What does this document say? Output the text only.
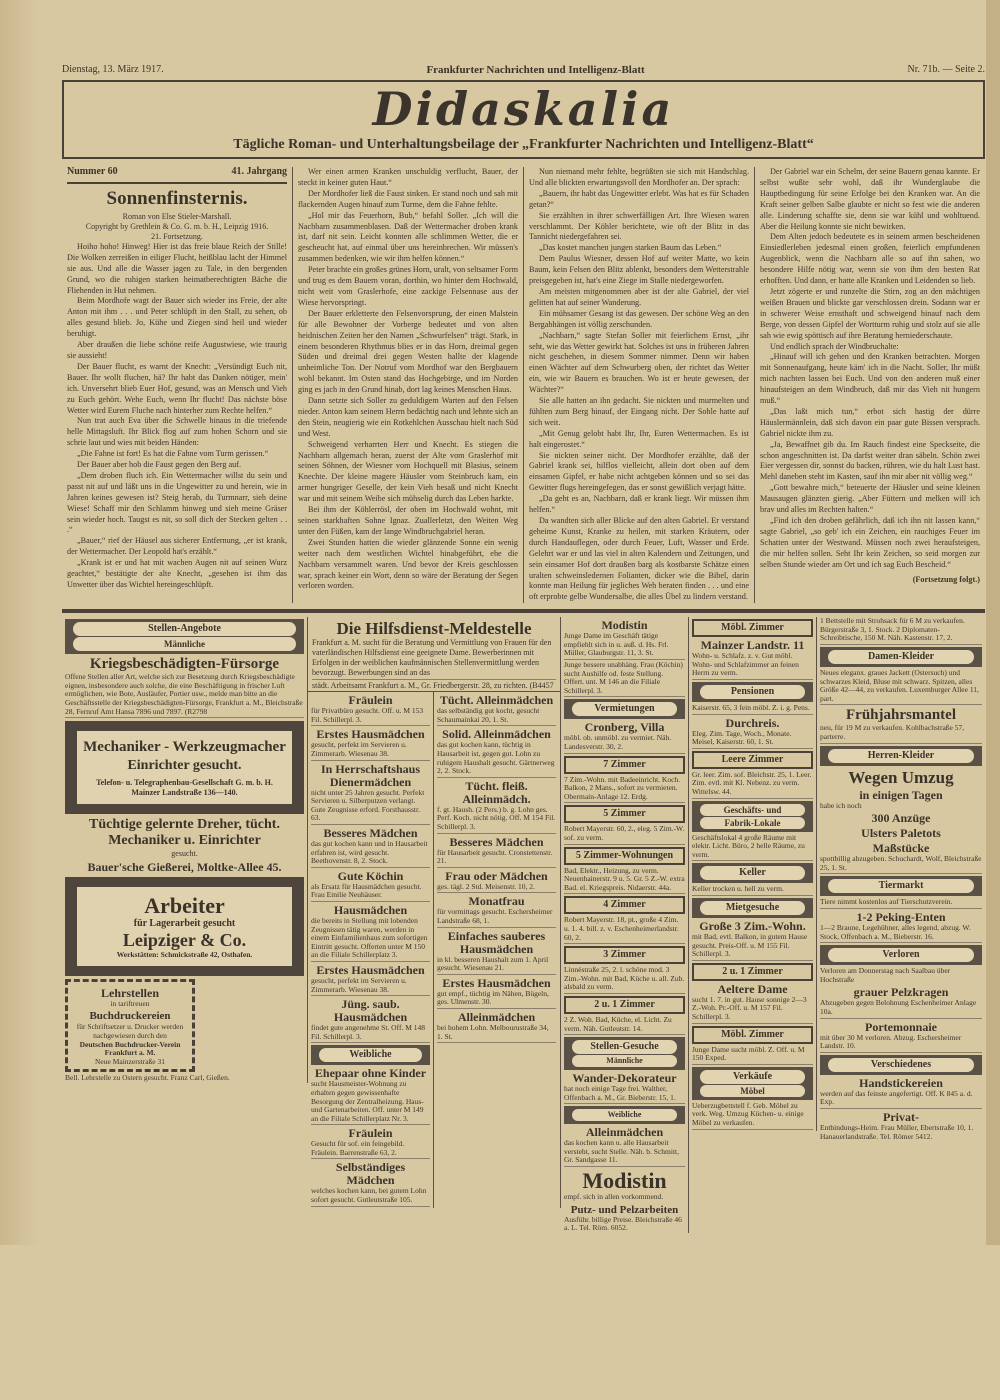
Dienstag, 13. März 1917.	Frankfurter Nachrichten und Intelligenz-Blatt	Nr. 71b. — Seite 2.
Didaskalia
Tägliche Roman- und Unterhaltungsbeilage der „Frankfurter Nachrichten und Intelligenz-Blatt“
Nummer 60	41. Jahrgang
Sonnenfinsternis.
Roman von Else Stieler-Marshall.
Copyright by Grethlein & Co. G. m. b. H., Leipzig 1916.
21. Fortsetzung.

Hoiho hoho! Hinweg! Hier ist das freie blaue Reich der Stille! Die Wolken zerreißen in eiliger Flucht, heißblau lacht der Himmel sie aus. Und alle die Wasser jagen zu Tale, in den bergenden Grund, wo die ruhigen starken heimatberechtigten Bäche die Fliehenden in Hut nehmen.

Beim Mordhofe wagt der Bauer sich wieder ins Freie, der alte Anton mit ihm . . . und Peter schlüpft in den Stall, zu sehen, ob alles gesund blieb. Jo, Kühe und Ziegen sind heil und wieder beruhigt.

Aber draußen die liebe schöne reife Augustwiese, wie traurig sie aussieht!

Der Bauer flucht, es warnt der Knecht: „Versündigt Euch nit, Bauer. Ihr wollt fluchen, hä? Ihr habt das Danken nötiger, mein' ich. Unversehrt blieb Euer Hof, gesund, was an Mensch und Vieh zu Euch gehört. Wehe Euch, wenn Ihr flucht! Das nächste böse Wetter wird Eurem Fluche nach hinterher zum Rechte helfen.“

Nun trat auch Eva über die Schwelle hinaus in die triefende helle Mittagsluft. Ihr Blick flog auf zum hohen Schorn und sie schrie laut und wies mit beiden Händen:

„Die Fahne ist fort! Es hat die Fahne vom Turm gerissen.“

Der Bauer aber hob die Faust gegen den Berg auf.

„Dem droben fluch ich. Ein Wettermacher willst du sein und passt nit auf und läßt uns in die Ungewitter zu und herein, wie in Jahren keines gewesen ist? Steig herab, du Turmnarr, sieh deine Wiese! Schaff mir den Schlamm hinweg und sieh meine Gräser sein wieder hoch. Taugst es nit, so soll dich der Stecken gelten . . .“

„Bauer,“ rief der Häusel aus sicherer Entfernung, „er ist krank, der Wettermacher. Der Leopold hat's erzählt.“

„Krank ist er und hat mit wachen Augen nit auf seinen Wurz geachtet,“ bestätigte der alte Knecht, „gesehen ist ihm das Unwetter über das Wichtel hereingeschlüpft.

Wer einen armen Kranken unschuldig verflucht, Bauer, der steckt in keiner guten Haut.“

Der Mordhofer ließ die Faust sinken. Er stand noch und sah mit flackernden Augen hinauf zum Turme, dem die Fahne fehlte.

„Hol mir das Feuerhorn, Bub,“ befahl Soller. „Ich will die Nachbarn zusammenblasen. Daß der Wettermacher droben krank ist, darf nit sein. Leicht konnten alle schlimmen Wetter, die er gescheucht hat, auf einmal über uns hereinbrechen. Wir müssen's zusammen bedenken, wie wir ihm helfen können.“

Peter brachte ein großes grünes Horn, uralt, von seltsamer Form und trug es dem Bauern voran, dorthin, wo hinter dem Hochwald, nicht weit vom Graslerhofe, eine zackige Felsennase aus der Wiese hervorspringt.

Der Bauer erkletterte den Felsenvorsprung, der einen Malstein für alle Bewohner der Vorberge bedeutet und von alten heidnischen Zeiten her den Namen „Schwurfelsen“ trägt. Stark, in einem besonderen Rhythmus blies er in das Horn, dreimal gegen Süden und dreimal drei gegen Westen hallte der klagende unheimliche Ton. Der Notruf vom Mordhof war den Bergbauern wohl bekannt. Im Osten stand das Hochgebirge, und im Norden ging es jach in den Grund hinab, dort lag keines Menschen Haus.

Dann setzte sich Soller zu geduldigem Warten auf den Felsen nieder. Anton kam seinem Herrn bedächtig nach und lehnte sich an den Stein, neugierig wie ein Rotkehlchen Ausschau hielt nach Süd und West.

Schweigend verharrten Herr und Knecht. Es stiegen die Nachbarn allgemach heran, zuerst der Alte vom Graslerhof mit seinen Söhnen, der Wiesner vom Hochquell mit Blasius, seinem Knechte. Der kleine magere Häusler vom Steinbruch kam, ein armer hungriger Geselle, der kein Vieh besaß und nicht Knecht war und mit seinem Weibe sich mühselig durch das Leben harkte.

Bei ihm der Köhlerrösl, der oben im Hochwald wohnt, mit seinen starkhaften Sohne Ignaz. Zuallerletzt, den Weiten Weg unter den Füßen, kam der lange Windbruchgabriel heran.

Zwei Stunden hatten die wieder glänzende Sonne ein wenig weiter nach dem westlichen Wichtel hinabgeführt, ehe die Nachbarn versammelt waren. Und bevor der Kreis geschlossen war, sprach keiner ein Wort, denn so wäre der Beratung der Segen verloren worden.

Nun niemand mehr fehlte, begrüßten sie sich mit Handschlag. Und alle blickten erwartungsvoll den Mordhofer an. Der sprach:

„Bauern, ihr habt das Ungewitter erlebt. Was hat es für Schaden getan?“

Sie erzählten in ihrer schwerfälligen Art. Ihre Wiesen waren verschlammt. Der Köhler berichtete, wie oft der Blitz in das Tannicht niedergefahren sei.

„Das kostet manchen jungen starken Baum das Leben.“

Dem Paulus Wiesner, dessen Hof auf weiter Matte, wo kein Baum, kein Felsen den Blitz ablenkt, besonders dem Wetterstrahle preisgegeben ist, hat's eine Ziege im Stalle niedergeworfen.

Am meisten mitgenommen aber ist der alte Gabriel, der viel gelitten hat auf seiner Wanderung.

Ein mühsamer Gesang ist das gewesen. Der schöne Weg an den Bergabhängen ist völlig zerschunden.

„Nachbarn,“ sagte Stefan Soller mit feierlichem Ernst, „ihr seht, wie das Wetter gewirkt hat. Solches ist uns in früheren Jahren nicht geschehen, in diesem Sommer nimmer. Denn wir haben einen Wächter auf dem Schwurberg oben, der richtet das Wetter ein, wie wir Bauern es brauchen. Wo ist er heute gewesen, der Wächter?“

Sie alle hatten an ihn gedacht. Sie nickten und murmelten und fühlten zum Berg hinauf, der Eingang nicht. Der Sohle hatte auf sich weit.

„Mit Genug gelobt habt Ihr, Ihr, Euren Wettermachen. Es ist halt eingerostet.“

Sie nickten seiner nicht. Der Mordhofer erzählte, daß der Gabriel krank sei, hilflos vielleicht, allein dort oben auf dem einsamen Gipfel, er habe nicht achtgeben können und so sei das Gewitter flugs hereingefegen, das er sonst gewißlich verjagt hätte.

„Da geht es an, Nachbarn, daß er krank liegt. Wir müssen ihm helfen.“

Da wandten sich aller Blicke auf den alten Gabriel. Er verstand geheime Kunst, Kranke zu heilen, mit starken Kräutern, oder durch Handauflegen, oder durch Feuer, Luft, Wasser und Erde. Gelehrt war er und las viel in alten Kalendern und Zeitungen, und sein einsamer Hof dort draußen barg als kostbarste Schätze einen uralten schweinsledernen Folianten, dicker wie die Bibel, darin konnte man Heilung für jegliches Weh beraten finden . . . und eine oft erprobte gelbe Wundersalbe, die alles Übel zu lindern verstand.

Der Gabriel war ein Schelm, der seine Bauern genau kannte. Er selbst wußte sehr wohl, daß ihr Wunderglaube die Hauptbedingung für seine Erfolge bei den Kranken war. An die Kraft seiner gelben Salbe glaubte er nicht so fest wie die anderen alle. Linderung schaffte sie, denn sie war kühl und wohltuend. Aber die Heilung konnte sie nicht bewirken.

Dem Alten jedoch bedeutete es in seinem armen bescheidenen Einsiedlerleben jedesmal einen großen, feierlich empfundenen Augenblick, wenn die Nachbarn alle so auf ihn sahen, wo besondere Hilfe nötig war, wenn sie von ihm den besten Rat erhofften. Und dann, er hatte alle Kranken und Leidenden so lieb.

Jetzt zögerte er und runzelte die Stirn, zog an den mächtigen weißen Brauen und blickte gar verschlossen drein. Sodann war er in schwerer Weise ernsthaft und schweigend hinauf nach dem Berge, von dessen Gipfel der Wortturm ruhig und stolz auf sie alle sah wie ewig spöttisch auf ihre Beratung herniederschaute.

Und endlich sprach der Windbruchalte:

„Hinauf will ich gehen und den Kranken betrachten. Morgen mit Sonnenaufgang, heute käm' ich in die Nacht. Soller, Ihr müßt mich nachten lassen bei Euch. Und von den anderen muß einer hinaufsteigen an dem Windbruch, daß mir das Vieh nit hungern muß.“

„Das laßt mich tun,“ erbot sich hastig der dürre Häuslermännlein, daß sich davon ein paar gute Bissen versprach. Gabriel nickte ihm zu.

„Ja, Bewaffnet gib du. Im Rauch findest eine Speckseite, die schon angeschnitten ist. Da darfst weiter dran säbeln. Schön zwei Eier vergessen dir, sonnst du backen, rühren, wie du halt Lust hast. Mehl daneben steht im Kasten, sauf ihn mir aber nit völlig weg.“

„Gott bewahre mich,“ beteuerte der Häusler und seine kleinen Mausaugen glänzten gierig. „Aber Füttern und melken will ich brav und alles im Rechten halten.“

„Find ich den droben gefährlich, daß ich ihn nit lassen kann,“ sagte Gabriel, „so geb' ich ein Zeichen, ein rauchiges Feuer im Schatten unter der Westwand. Müssen noch zwei heraufsteigen, die mir helfen sollen. Seht Ihr kein Zeichen, so seid morgen zur selben Stunde wieder am Ort und ich sag Euch Bescheid.“

(Fortsetzung folgt.)
Stellen-Angebote
Männliche
Kriegsbeschädigten-Fürsorge
Offene Stellen aller Art, welche sich zur Besetzung durch Kriegsbeschädigte eignen, insbesondere auch solche, die eine Beschäftigung in frischer Luft ermöglichen, wie Bote, Ausläufer, Portier usw., melde man bitte an die Geschäftsstelle der Kriegsbeschädigten-Fürsorge, Frankfurt a. M., Bleichstraße 28, Fernruf Amt Hansa 7896 und 7897. (R2798
Mechaniker - Werkzeugmacher
Einrichter gesucht.
Telefon- u. Telegraphenbau-Gesellschaft G. m. b. H.
Mainzer Landstraße 136—140.
Tüchtige gelernte Dreher, tücht. Mechaniker u. Einrichter
gesucht.
Bauer'sche Gießerei, Moltke-Allee 45.
Arbeiter
für Lagerarbeit gesucht
Leipziger & Co.
Werkstätten: Schmickstraße 42, Osthafen.
Lehrstellen
in tariftreuen
Buchdruckereien
für Schriftsetzer u. Drucker werden nachgewiesen durch den
Deutschen Buchdrucker-Verein Frankfurt a. M.
Neue Mainzerstraße 31
Bell. Lehrstelle zu Ostern gesucht. Franz Carl, Gießen.
Die Hilfsdienst-Meldestelle
Frankfurt a. M. sucht für die Beratung und Vermittlung von Frauen für den vaterländischen Hilfsdienst eine geeignete Dame. Bewerberinnen mit Erfolgen in der weiblichen kaufmännischen Stellenvermittlung werden bevorzugt. Bewerbungen sind an das
städt. Arbeitsamt Frankfurt a. M., Gr. Friedbergerstr. 28, zu richten. (B4457
Fräulein
für Privatbüro gesucht. Off. u. M 153 Fil. Schillerpl. 3.
Erstes Hausmädchen
gesucht, perfekt im Servieren u. Zimmerarb. Wiesenau 38.
In Herrschaftshaus Dienermädchen
nicht unter 25 Jahren gesucht. Perfekt Servieren u. Silberputzen verlangt. Gute Zeugnisse erford. Forsthausstr. 63.
Besseres Mädchen
das gut kochen kann und in Hausarbeit erfahren ist, wird gesucht. Beethovenstr. 8, 2. Stock.
Gute Köchin
als Ersatz für Hausmädchen gesucht. Frau Emilie Neuhäuser.
Hausmädchen
die bereits in Stellung mit lobenden Zeugnissen tätig waren, werden in einem Einfamilienhaus zum sofortigen Eintritt gesucht. Offerten unter M 150 an die Filiale Schillerplatz 3.
Erstes Hausmädchen
gesucht, perfekt im Servieren u. Zimmerarb. Wiesenau 38.
Jüng. saub. Hausmädchen
findet gute angenehme St. Off. M 148 Fil. Schillerpl. 3.
Weibliche
Ehepaar ohne Kinder
sucht Hausmeister-Wohnung zu erhalten gegen gewissenhafte Besorgung der Zentralheizung. Haus- und Gartenarbeiten. Off. unter M 149 an die Filiale Schillerplatz Nr. 3.
Fräulein
Gesucht für sof. ein feingebild. Fräulein. Barrenstraße 63, 2.
Selbständiges Mädchen
welches kochen kann, bei gutem Lohn sofort gesucht. Gutleutstraße 105.
Tücht. Alleinmädchen
das selbständig gut kocht, gesucht Schaumainkai 20, 1. St.
Solid. Alleinmädchen
das gut kochen kann, tüchtig in Hausarbeit ist, gegen gut. Lohn zu ruhigem Haushalt gesucht. Gärtnerweg 2, 2. Stock.
Tücht. fleiß. Alleinmädch.
f. gt. Haush. (2 Pers.) b. g. Lohn ges. Perf. Koch. nicht nötig. Off. M 154 Fil. Schillerpl. 3.
Besseres Mädchen
für Hausarbeit gesucht. Cronstettenstr. 21.
Frau oder Mädchen
ges. tägl. 2 Std. Meisenstr. 10, 2.
Monatfrau
für vormittags gesucht. Eschersheimer Landstraße 68, 1.
Einfaches sauberes Hausmädchen
in kl. besseren Haushalt zum 1. April gesucht. Wiesenau 21.
Erstes Hausmädchen
gut empf., tüchtig im Nähen, Bügeln, ges. Ulmenstr. 30.
Alleinmädchen
bei hohem Lohn. Melbourustraße 34, 1. St.
Modistin
Junge Dame im Geschäft tätige empfiehlt sich in u. auß. d. Hs. Frl. Müller, Glauburgstr. 11, 3. St.
Junge bessere unabhäng. Frau (Köchin) sucht Aushilfe od. feste Stellung. Offert. unt. M 146 an die Filiale Schillerpl. 3.
Vermietungen
Cronberg, Villa
möbl. ob. unmöbl. zu vermiet. Näh. Landesverstr. 30, 2.
7 Zimmer
7 Zim.-Wohn. mit Badeeinricht. Koch. Balkon, 2 Mans., sofort zu vermieten. Obermain-Anlage 12. Erdg.
5 Zimmer
Robert Mayerstr. 60, 2., eleg. 5 Zim.-W. sof. zu verm.
5 Zimmer-Wohnungen
Bad, Elektr., Heizung, zu verm. Neuenhainerstr. 9 u. 5. Gr. 5 Z.-W. extra Bad. el. Kriegspreis. Nidaerstr. 44a.
4 Zimmer
Robert Mayerstr. 18, pt., große 4 Zim. u. 1. 4. bill. z. v. Eschenheimerlandstr. 60, 2.
3 Zimmer
Linnéstraße 25, 2. l. schöne mod. 3 Zim.-Wohn. mit Bad, Küche u. all. Zub. alsbald zu verm.
2 u. 1 Zimmer
2 Z. Woh. Bad, Küche, el. Licht. Zu verm. Näh. Gutleutstr. 14.
Stellen-Gesuche
Männliche
Wander-Dekorateur
hat noch einige Tage frei. Walther, Offenbach a. M., Gr. Bieberstr. 15, 1.
Weibliche
Alleinmädchen
das kochen kann u. alle Hausarbeit versteht, sucht Stelle. Näh. b. Schmitt, Gr. Sandgasse 11.
Modistin
empf. sich in allen vorkommend.
Putz- und Pelzarbeiten
Ausführ. billige Preise. Bleichstraße 46 a. L. Tel. Röm. 6052.
Möbl. Zimmer
Mainzer Landstr. 11
Wohn- u. Schlafz. z. v. Gut möbl. Wohn- und Schlafzimmer an feinen Herrn zu verm.
Pensionen
Kaiserstr. 65, 3 fein möbl. Z. i. g. Pens.
Durchreis.
Eleg. Zim. Tage, Woch., Monate. Meisel, Kaiserstr. 60, 1. St.
Leere Zimmer
Gr. leer. Zim. sof. Bleichstr. 25, 1. Leer. Zim. evtl. mit Kl. Nebenz. zu verm. Wittelsw. 44.
Geschäfts- und
Fabrik-Lokale
Geschäftslokal 4 große Räume mit elektr. Licht. Büro, 2 helle Räume, zu verm.
Keller
Keller trocken u. hell zu verm.
Mietgesuche
Große 3 Zim.-Wohn.
mit Bad, evtl. Balkon, in gutem Hause gesucht. Preis-Off. u. M 155 Fil. Schillerpl. 3.
2 u. 1 Zimmer
Aeltere Dame
sucht 1. 7. in gut. Hause sonnige 2—3 Z.-Woh. Pr.-Off. u. M 157 Fil. Schillerpl. 3.
Möbl. Zimmer
Junge Dame sucht möbl. Z. Off. u. M 150 Exped.
Verkäufe
Möbel
Ueberzugbettstell f. Geb. Möbel zu verk. Weg. Umzug Küchen- u. einige Möbel zu verkaufen.
1 Bettstelle mit Strohsack für 6 M zu verkaufen. Bürgerstraße 3, 1. Stock. 2 Diplomaten-Schreibtische, 150 M. Näh. Kastenstr. 17, 2.
Damen-Kleider
Neues eleganx. graues Jackett (Ostersuch) und schwarzes Kleid, Bluse mit schwarz. Spitzen, alles Größe 42—44, zu verkaufen. Luxemburger Allee 11, part.
Frühjahrsmantel
neu, für 19 M zu verkaufen. Kohlbachstraße 57, parterre.
Herren-Kleider
Wegen Umzug
in einigen Tagen
habe ich noch
300 Anzüge
Ulsters Paletots
Maßstücke
spottbillig abzugeben. Schuchardt, Wolf, Bleichstraße 25, 1. St.
Tiermarkt
Tiere nimmt kostenlos auf Tierschutzverein.
1-2 Peking-Enten
1—2 Braune, Legehühner, alles legend, abzug. W. Stock, Offenbach a. M., Bieberstr. 16.
Verloren
Verloren am Donnerstag nach Saalbau über Hochstraße
grauer Pelzkragen
Abzugeben gegen Belohnung Eschenheimer Anlage 10a.
Portemonnaie
mit über 30 M verloren. Abzug. Eschersheimer Landstr. 10.
Verschiedenes
Handstickereien
werden auf das feinste angefertigt. Off. K 845 a. d. Exp.
Privat-
Entbindungs-Heim. Frau Müller, Ebertstraße 10, 1. Hanauerlandstraße. Tel. Römer 5412.
